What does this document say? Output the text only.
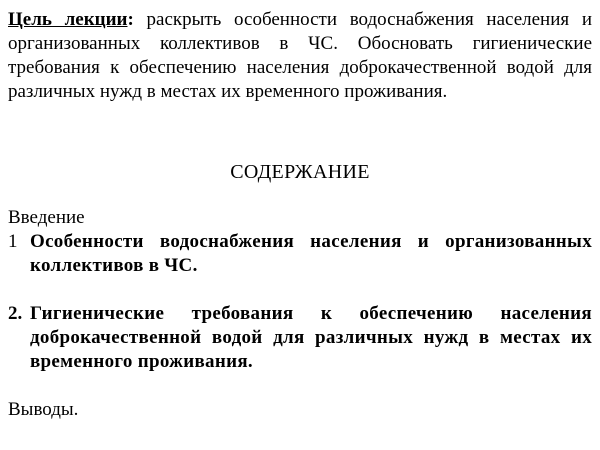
Цель лекции: раскрыть особенности водоснабжения населения и организованных коллективов в ЧС. Обосновать гигиенические требования к обеспечению населения доброкачественной водой для различных нужд в местах их временного проживания.

СОДЕРЖАНИЕ
Введение
1 Особенности водоснабжения населения и организованных коллективов в ЧС.
2. Гигиенические требования к обеспечению населения доброкачественной водой для различных нужд в местах их временного проживания.
Выводы.
